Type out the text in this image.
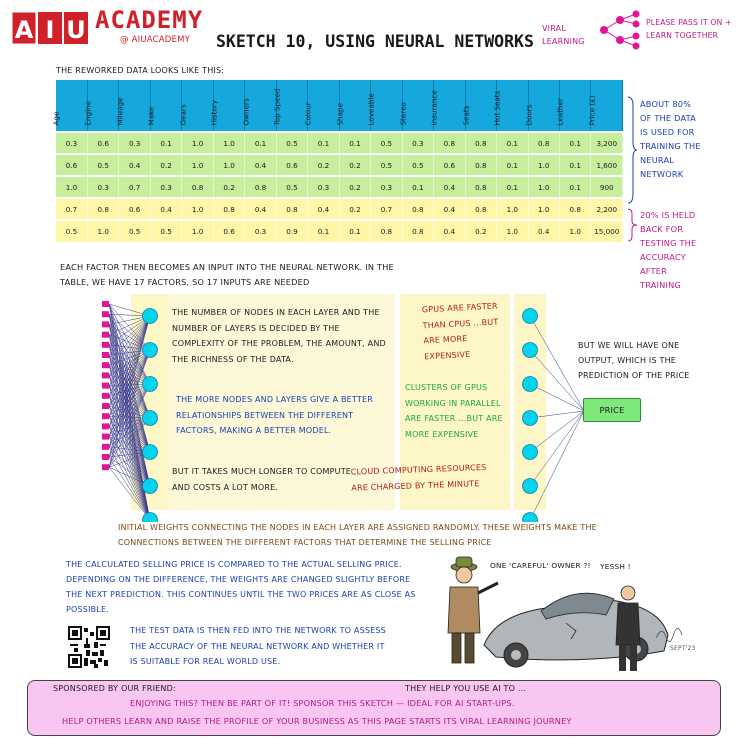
A I U ACADEMY
@ AIUACADEMY SKETCH 10, USING NEURAL NETWORKS
VIRAL LEARNING
PLEASE PASS IT ON + LEARN TOGETHER
THE REWORKED DATA LOOKS LIKE THIS:
Age	Engine	Mileage	Make	Gears	History	Owners	Top Speed	Colour	Shape	Loveable	Stereo	Insurance	Seats	Hot Seats	Doors	Leather	Price (£)

0.3	0.6	0.3	0.1	1.0	1.0	0.1	0.5	0.1	0.1	0.5	0.3	0.8	0.8	0.1	0.8	0.1	3,200
0.6	0.5	0.4	0.2	1.0	1.0	0.4	0.6	0.2	0.2	0.5	0.5	0.6	0.8	0.1	1.0	0.1	1,600
1.0	0.3	0.7	0.3	0.8	0.2	0.8	0.5	0.3	0.2	0.3	0.1	0.4	0.8	0.1	1.0	0.1	900
0.7	0.8	0.6	0.4	1.0	0.8	0.4	0.8	0.4	0.2	0.7	0.8	0.4	0.8	1.0	1.0	0.8	2,200
0.5	1.0	0.5	0.5	1.0	0.6	0.3	0.9	0.1	0.1	0.8	0.8	0.4	0.2	1.0	0.4	1.0	15,000
ABOUT 80% OF THE DATA IS USED FOR TRAINING THE NEURAL NETWORK
20% IS HELD BACK FOR TESTING THE ACCURACY AFTER TRAINING
EACH FACTOR THEN BECOMES AN INPUT INTO THE NEURAL NETWORK. IN THE TABLE, WE HAVE 17 FACTORS, SO 17 INPUTS ARE NEEDED
THE NUMBER OF NODES IN EACH LAYER AND THE NUMBER OF LAYERS IS DECIDED BY THE COMPLEXITY OF THE PROBLEM, THE AMOUNT, AND THE RICHNESS OF THE DATA.
THE MORE NODES AND LAYERS GIVE A BETTER RELATIONSHIPS BETWEEN THE DIFFERENT FACTORS, MAKING A BETTER MODEL.
BUT IT TAKES MUCH LONGER TO COMPUTE AND COSTS A LOT MORE.
GPUS ARE FASTER THAN CPUS ...BUT ARE MORE EXPENSIVE
CLUSTERS OF GPUS WORKING IN PARALLEL ARE FASTER ...BUT ARE MORE EXPENSIVE
CLOUD COMPUTING RESOURCES ARE CHARGED BY THE MINUTE
BUT WE WILL HAVE ONE OUTPUT, WHICH IS THE PREDICTION OF THE PRICE
PRICE
INITIAL WEIGHTS CONNECTING THE NODES IN EACH LAYER ARE ASSIGNED RANDOMLY. THESE WEIGHTS MAKE THE CONNECTIONS BETWEEN THE DIFFERENT FACTORS THAT DETERMINE THE SELLING PRICE
THE CALCULATED SELLING PRICE IS COMPARED TO THE ACTUAL SELLING PRICE. DEPENDING ON THE DIFFERENCE, THE WEIGHTS ARE CHANGED SLIGHTLY BEFORE THE NEXT PREDICTION. THIS CONTINUES UNTIL THE TWO PRICES ARE AS CLOSE AS POSSIBLE.
THE TEST DATA IS THEN FED INTO THE NETWORK TO ASSESS THE ACCURACY OF THE NEURAL NETWORK AND WHETHER IT IS SUITABLE FOR REAL WORLD USE.
ONE 'CAREFUL' OWNER ?! YESSH !
SEPT'23
SPONSORED BY OUR FRIEND:	THEY HELP YOU USE AI TO ...
ENJOYING THIS? THEN BE PART OF IT! SPONSOR THIS SKETCH — IDEAL FOR AI START-UPS.
HELP OTHERS LEARN AND RAISE THE PROFILE OF YOUR BUSINESS AS THIS PAGE STARTS ITS VIRAL LEARNING JOURNEY
